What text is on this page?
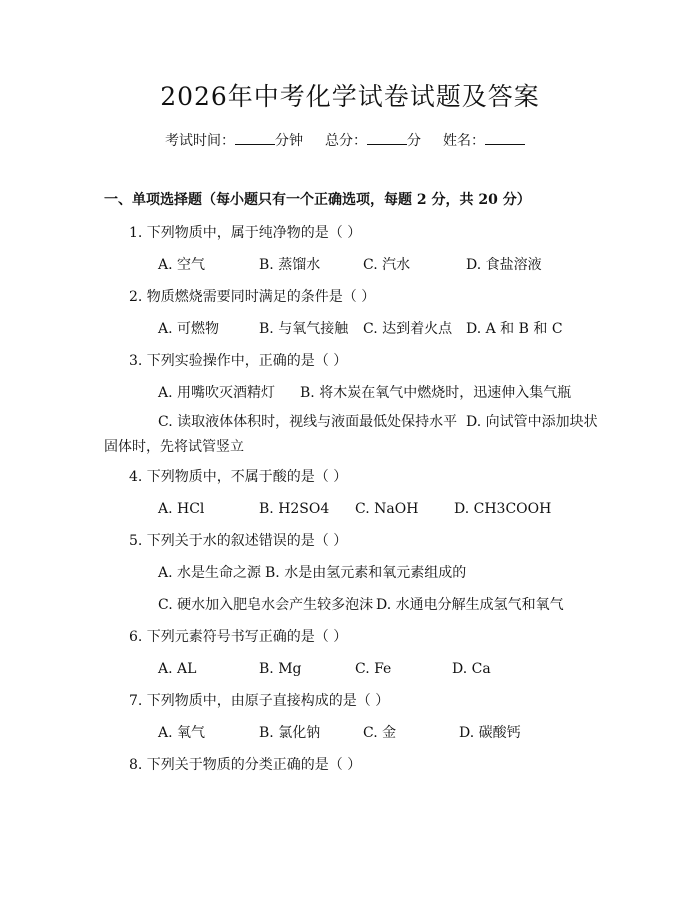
2026年中考化学试卷试题及答案
考试时间：	分钟 总分：	分 姓名：
一、单项选择题（每小题只有一个正确选项，每题 2 分，共 20 分）
1. 下列物质中，属于纯净物的是（ ）
A. 空气	B. 蒸馏水	C. 汽水	D. 食盐溶液
2. 物质燃烧需要同时满足的条件是（ ）
A. 可燃物	B. 与氧气接触 C. 达到着火点 D. A 和 B 和 C
3. 下列实验操作中，正确的是（ ）
A. 用嘴吹灭酒精灯 B. 将木炭在氧气中燃烧时，迅速伸入集气瓶
C. 读取液体体积时，视线与液面最低处保持水平 D. 向试管中添加块状固体时，先将试管竖立
4. 下列物质中，不属于酸的是（ ）
A. HCl	B. H2SO4 C. NaOH	D. CH3COOH
5. 下列关于水的叙述错误的是（ ）
A. 水是生命之源 B. 水是由氢元素和氧元素组成的
C. 硬水加入肥皂水会产生较多泡沫 D. 水通电分解生成氢气和氧气
6. 下列元素符号书写正确的是（ ）
A. AL	B. Mg	C. Fe	D. Ca
7. 下列物质中，由原子直接构成的是（ ）
A. 氧气	B. 氯化钠	C. 金	D. 碳酸钙
8. 下列关于物质的分类正确的是（ ）
